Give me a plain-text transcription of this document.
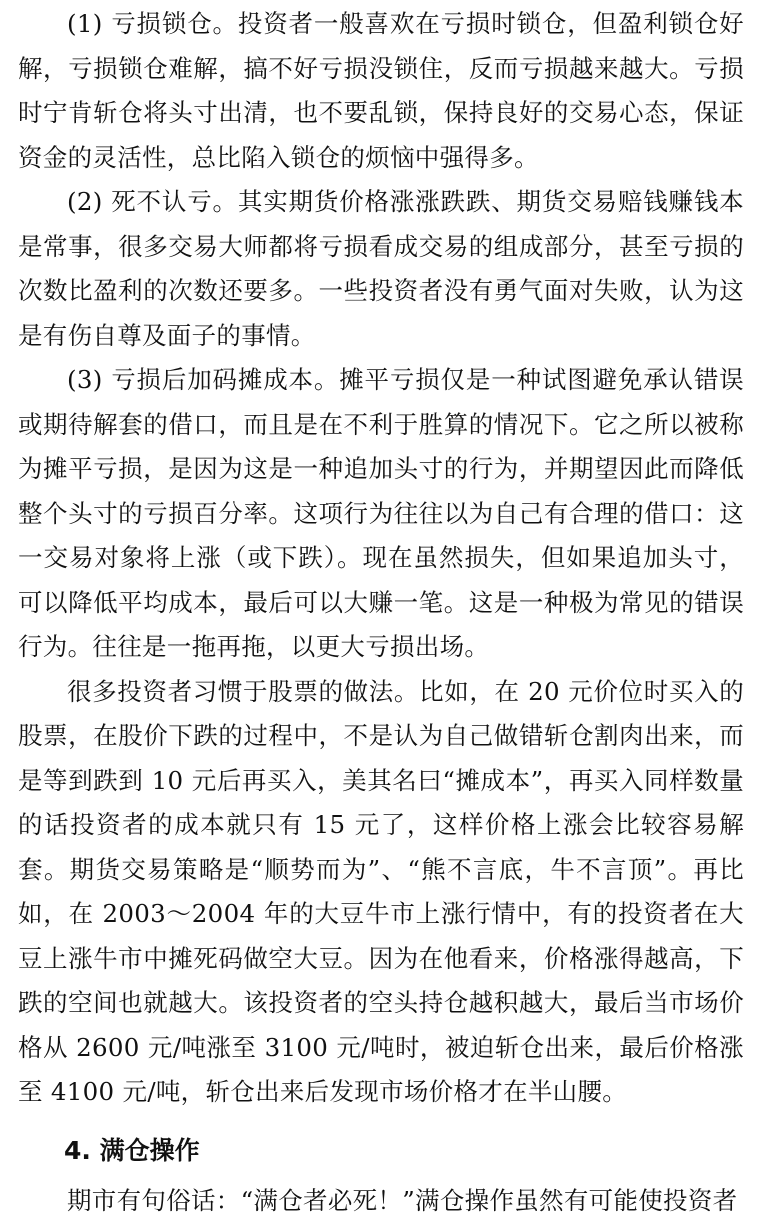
(1) 亏损锁仓。投资者一般喜欢在亏损时锁仓，但盈利锁仓好解，亏损锁仓难解，搞不好亏损没锁住，反而亏损越来越大。亏损时宁肯斩仓将头寸出清，也不要乱锁，保持良好的交易心态，保证资金的灵活性，总比陷入锁仓的烦恼中强得多。

(2) 死不认亏。其实期货价格涨涨跌跌、期货交易赔钱赚钱本是常事，很多交易大师都将亏损看成交易的组成部分，甚至亏损的次数比盈利的次数还要多。一些投资者没有勇气面对失败，认为这是有伤自尊及面子的事情。

(3) 亏损后加码摊成本。摊平亏损仅是一种试图避免承认错误或期待解套的借口，而且是在不利于胜算的情况下。它之所以被称为摊平亏损，是因为这是一种追加头寸的行为，并期望因此而降低整个头寸的亏损百分率。这项行为往往以为自己有合理的借口：这一交易对象将上涨（或下跌）。现在虽然损失，但如果追加头寸，可以降低平均成本，最后可以大赚一笔。这是一种极为常见的错误行为。往往是一拖再拖，以更大亏损出场。

很多投资者习惯于股票的做法。比如，在 20 元价位时买入的股票，在股价下跌的过程中，不是认为自己做错斩仓割肉出来，而是等到跌到 10 元后再买入，美其名曰“摊成本”，再买入同样数量的话投资者的成本就只有 15 元了，这样价格上涨会比较容易解套。期货交易策略是“顺势而为”、“熊不言底，牛不言顶”。再比如，在 2003～2004 年的大豆牛市上涨行情中，有的投资者在大豆上涨牛市中摊死码做空大豆。因为在他看来，价格涨得越高，下跌的空间也就越大。该投资者的空头持仓越积越大，最后当市场价格从 2600 元/吨涨至 3100 元/吨时，被迫斩仓出来，最后价格涨至 4100 元/吨，斩仓出来后发现市场价格才在半山腰。

4. 满仓操作

期市有句俗话：“满仓者必死！”满仓操作虽然有可能使投资者
